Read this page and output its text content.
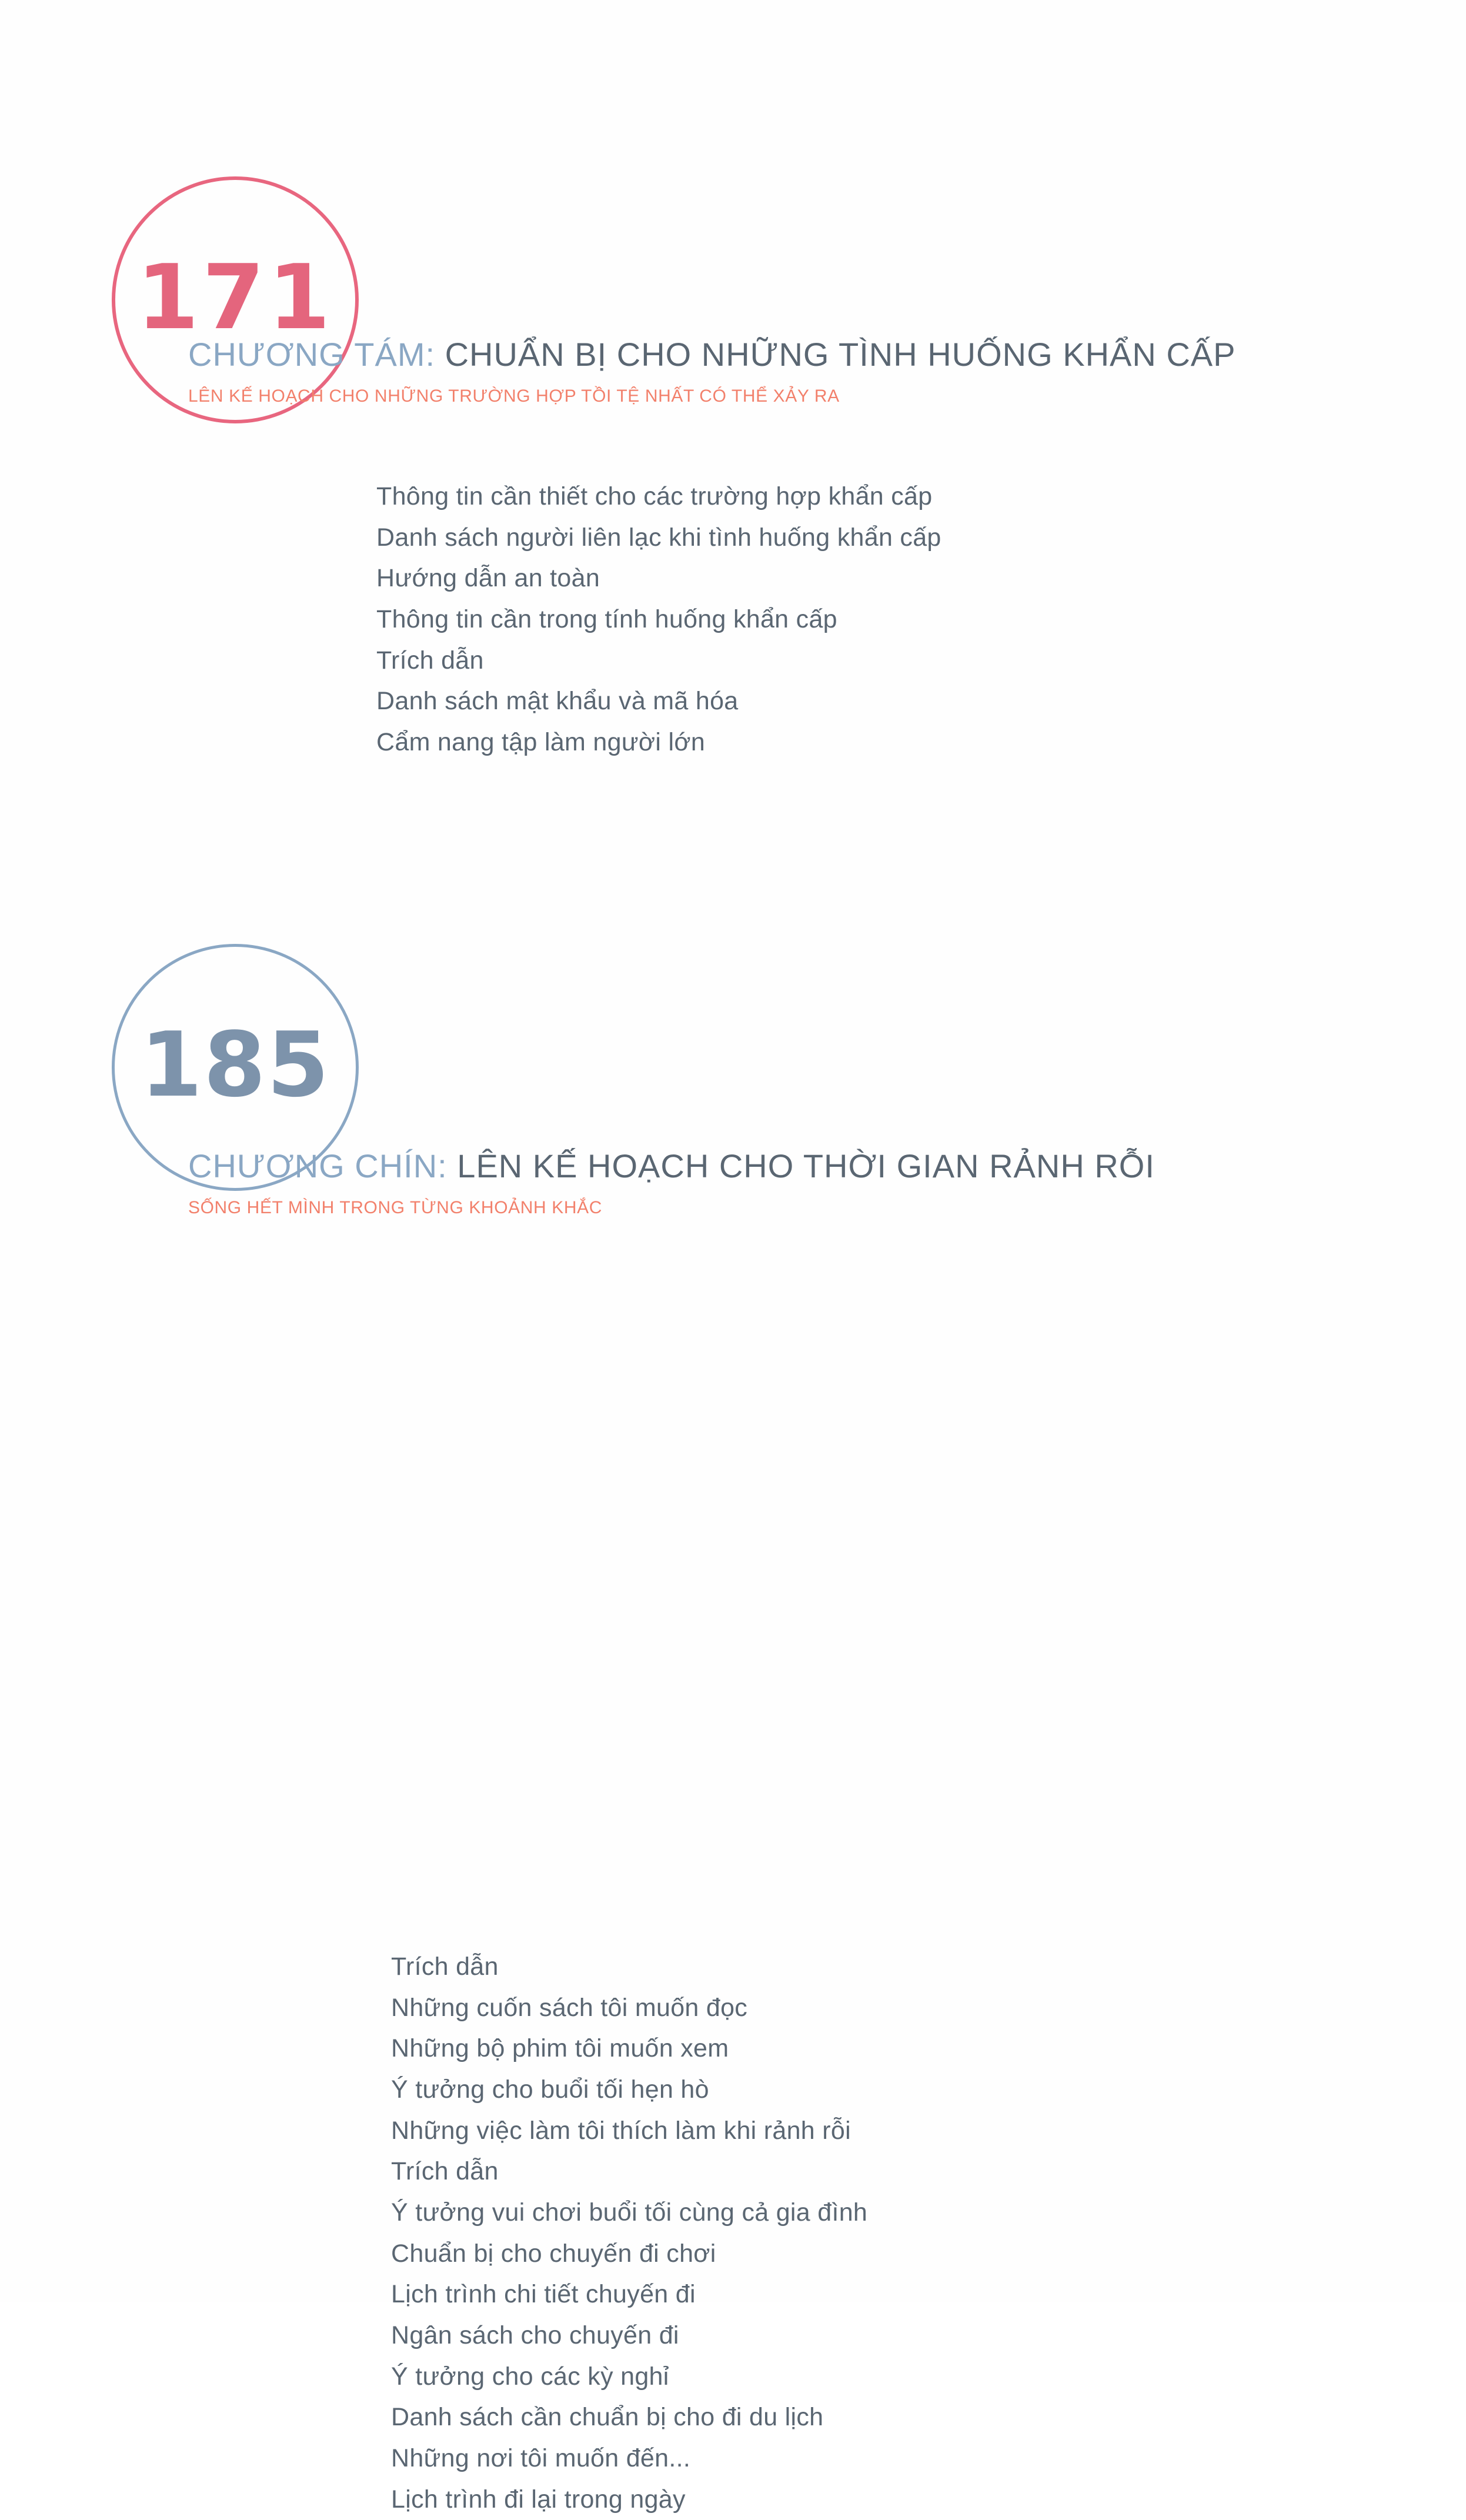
171
CHƯƠNG TÁM: CHUẨN BỊ CHO NHỮNG TÌNH HUỐNG KHẨN CẤP
LÊN KẾ HOẠCH CHO NHỮNG TRƯỜNG HỢP TỒI TỆ NHẤT CÓ THỂ XẢY RA
Thông tin cần thiết cho các trường hợp khẩn cấp
Danh sách người liên lạc khi tình huống khẩn cấp
Hướng dẫn an toàn
Thông tin cần trong tính huống khẩn cấp
Trích dẫn
Danh sách mật khẩu và mã hóa
Cẩm nang tập làm người lớn
185
CHƯƠNG CHÍN: LÊN KẾ HOẠCH CHO THỜI GIAN RẢNH RỖI
SỐNG HẾT MÌNH TRONG TỪNG KHOẢNH KHẮC
Trích dẫn
Những cuốn sách tôi muốn đọc
Những bộ phim tôi muốn xem
Ý tưởng cho buổi tối hẹn hò
Những việc làm tôi thích làm khi rảnh rỗi
Trích dẫn
Ý tưởng vui chơi buổi tối cùng cả gia đình
Chuẩn bị cho chuyến đi chơi
Lịch trình chi tiết chuyến đi
Ngân sách cho chuyến đi
Ý tưởng cho các kỳ nghỉ
Danh sách cần chuẩn bị cho đi du lịch
Những nơi tôi muốn đến...
Lịch trình đi lại trong ngày
